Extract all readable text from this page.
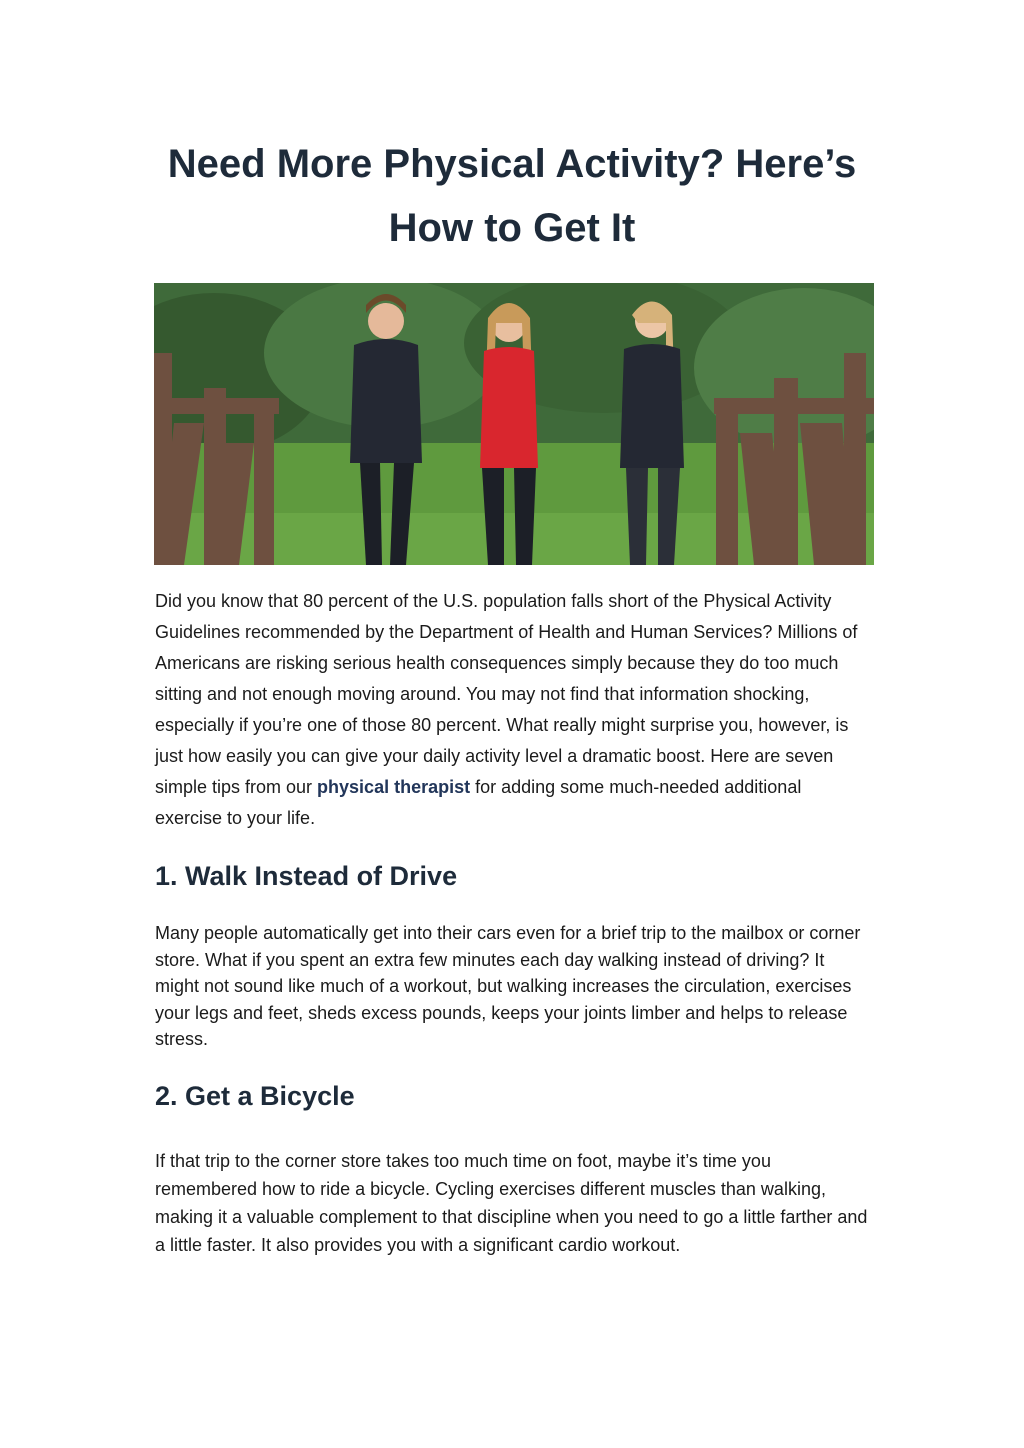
Need More Physical Activity? Here’s
How to Get It

Did you know that 80 percent of the U.S. population falls short of the Physical Activity Guidelines recommended by the Department of Health and Human Services? Millions of Americans are risking serious health consequences simply because they do too much sitting and not enough moving around. You may not find that information shocking, especially if you’re one of those 80 percent. What really might surprise you, however, is just how easily you can give your daily activity level a dramatic boost. Here are seven simple tips from our physical therapist for adding some much-needed additional exercise to your life.

1. Walk Instead of Drive

Many people automatically get into their cars even for a brief trip to the mailbox or corner store. What if you spent an extra few minutes each day walking instead of driving? It might not sound like much of a workout, but walking increases the circulation, exercises your legs and feet, sheds excess pounds, keeps your joints limber and helps to release stress.

2. Get a Bicycle

If that trip to the corner store takes too much time on foot, maybe it’s time you remembered how to ride a bicycle. Cycling exercises different muscles than walking, making it a valuable complement to that discipline when you need to go a little farther and a little faster. It also provides you with a significant cardio workout.
